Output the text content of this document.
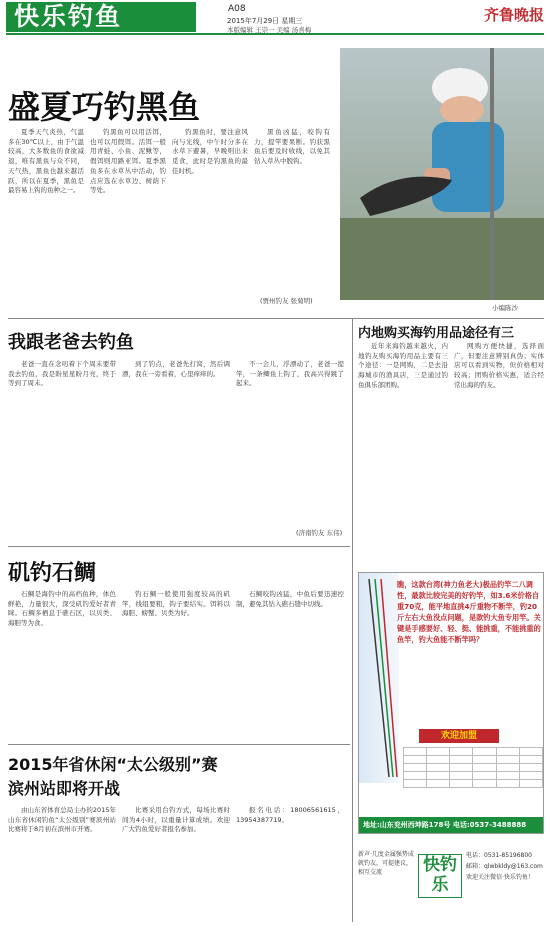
快乐钓鱼	A08
2015年7月29日 星期三	齐鲁晚报
本版编辑 王崇一 美编 汤喜梅
盛夏巧钓黑鱼

夏季天气炎热，气温多在30℃以上，由于气温较高，大多数鱼的食欲减退，唯有黑鱼与众不同，天气热，黑鱼也越来越活跃，所以在夏季，黑鱼是最容易上钩的鱼种之一。

钓黑鱼可以用活饵，也可以用假饵。活饵一般用青蛙、小鱼、泥鳅等，假饵则用路亚饵。夏季黑鱼多在水草丛中活动，钓点应选在水草边、树荫下等处。

钓黑鱼时，要注意风向与光线，中午时分多在水草下避暑，早晚则出来觅食，此时是钓黑鱼的最佳时机。

黑鱼凶猛，咬钩有力，提竿要果断。钓获黑鱼后要及时收线，以免其钻入草丛中脱钩。

(贾州钓友 张菊明)
小编陈沙
我跟老爸去钓鱼

老爸一直在念叨着下个周末要带我去钓鱼，我是盼星星盼月亮，终于等到了周末。

到了钓点，老爸先打窝，然后调漂，我在一旁看着，心里痒痒的。

不一会儿，浮漂动了，老爸一提竿，一条鲫鱼上钩了，我高兴得跳了起来。

(济南钓友 东伟)
内地购买海钓用品途径有三

近年来海钓越来越火，内地钓友购买海钓用品主要有三个途径：一是网购，二是去沿海城市的渔具店，三是通过钓鱼俱乐部团购。

网购方便快捷，选择面广，但要注意辨别真伪；实体店可以看到实物，但价格相对较高；团购价格实惠，适合经常出海的钓友。

矶钓石鲷

石鲷是海钓中的高档鱼种，体色鲜艳，力量很大，深受矶钓爱好者青睐。石鲷多栖息于礁石区，以贝类、海胆等为食。

钓石鲷一般使用强度较高的矶竿，线组要粗，钩子要结实。饵料以海胆、螃蟹、贝类为好。

石鲷咬钩凶猛，中鱼后要迅速控制，避免其钻入礁石缝中切线。

2015年省休闲“太公级别”赛
滨州站即将开战

由山东省体育总局主办的2015年山东省休闲钓鱼“太公级别”赛滨州站比赛将于8月初在滨州市开赛。

比赛采用台钓方式，每场比赛时间为4小时，以重量计算成绩。欢迎广大钓鱼爱好者报名参加。

报名电话：18006561615，13954387719。

瞧，这款台湾(神力鱼老大)极品钓竿二八调性，最款比较完美的好钓竿，如3.6米价格自重70克，能平地直挑4斤重物不断竿，钓20斤左右大鱼没点问题，是款钓大鱼专用竿。关键是手感要好、轻、挺、能挑重，不能挑重的鱼竿，钓大鱼能不断竿吗？
欢迎加盟

地址:山东兖州西坤路178号 电话:0537-3488888
新声·几度金属强势成就钓友，可提建议，相互交流	快钓乐
电话：0531-85196800
邮箱：qlwbkldy@163.com
欢迎关注微信·快乐钓鱼！
